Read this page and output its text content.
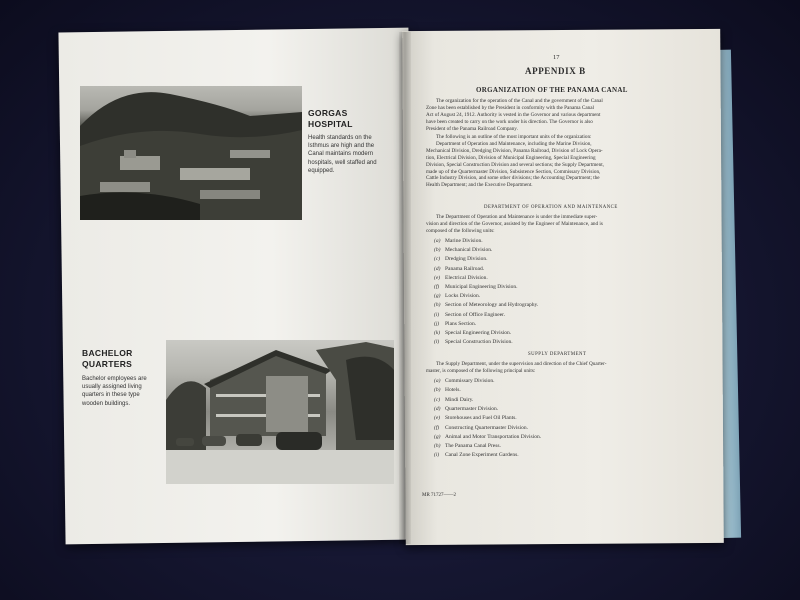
GORGAS
HOSPITAL
Health standards on the
Isthmus are high and the
Canal maintains modern
hospitals, well staffed and
equipped.
BACHELOR
QUARTERS
Bachelor employees are
usually assigned living
quarters in these type
wooden buildings.
17
APPENDIX B
ORGANIZATION OF THE PANAMA CANAL
The organization for the operation of the Canal and the government of the Canal
Zone has been established by the President in conformity with the Panama Canal
Act of August 24, 1912. Authority is vested in the Governor and various department
have been created to carry on the work under his direction. The Governor is also
President of the Panama Railroad Company.
The following is an outline of the most important units of the organization:
Department of Operation and Maintenance, including the Marine Division,
Mechanical Division, Dredging Division, Panama Railroad, Division of Lock Opera-
tion, Electrical Division, Division of Municipal Engineering, Special Engineering
Division, Special Construction Division and several sections; the Supply Department,
made up of the Quartermaster Division, Subsistence Section, Commissary Division,
Cattle Industry Division, and some other divisions; the Accounting Department; the
Health Department; and the Executive Department.
DEPARTMENT OF OPERATION AND MAINTENANCE
The Department of Operation and Maintenance is under the immediate super-
vision and direction of the Governor, assisted by the Engineer of Maintenance, and is
composed of the following units:
(a) Marine Division.
(b) Mechanical Division.
(c) Dredging Division.
(d) Panama Railroad.
(e) Electrical Division.
(f) Municipal Engineering Division.
(g) Locks Division.
(h) Section of Meteorology and Hydrography.
(i) Section of Office Engineer.
(j) Plans Section.
(k) Special Engineering Division.
(l) Special Construction Division.
SUPPLY DEPARTMENT
The Supply Department, under the supervision and direction of the Chief Quarter-
master, is composed of the following principal units:
(a) Commissary Division.
(b) Hotels.
(c) Mindi Dairy.
(d) Quartermaster Division.
(e) Storehouses and Fuel Oil Plants.
(f) Constructing Quartermaster Division.
(g) Animal and Motor Transportation Division.
(h) The Panama Canal Press.
(i) Canal Zone Experiment Gardens.
MR 71727——2
